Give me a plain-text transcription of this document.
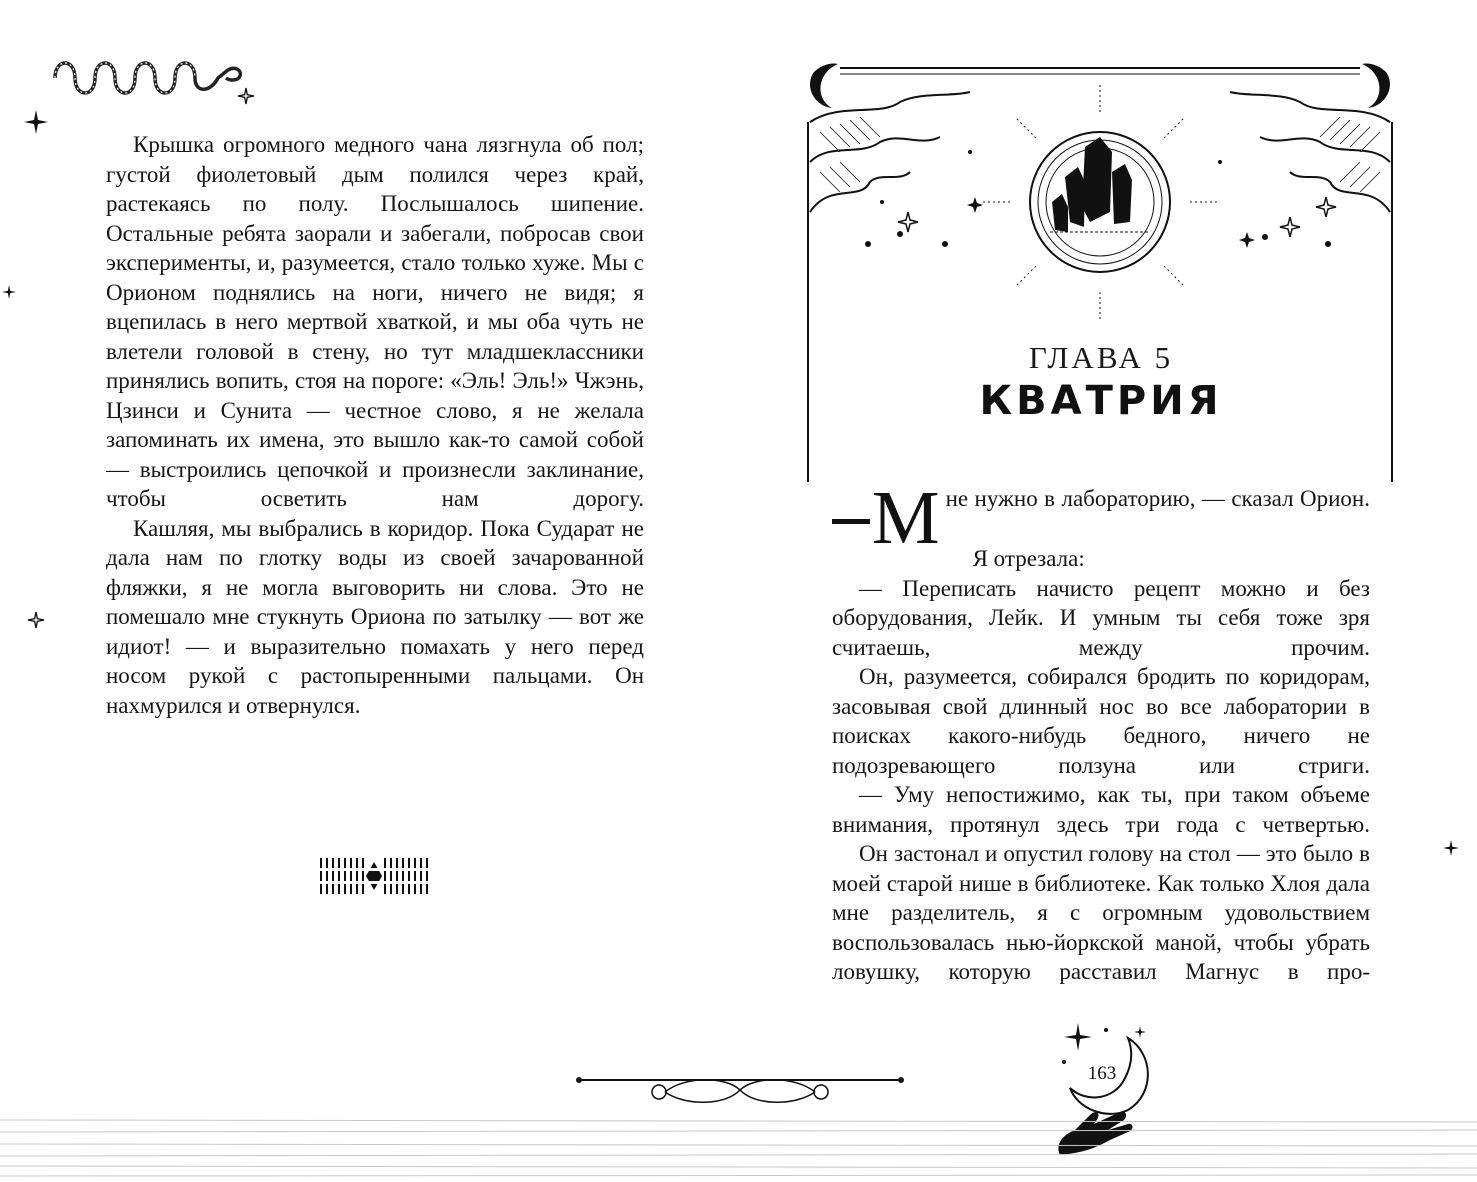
Крышка огромного медного чана лязгнула об пол; густой фиолетовый дым полился через край, растекаясь по полу. Послышалось шипение. Остальные ребята заорали и забегали, побросав свои эксперименты, и, разумеется, стало только хуже. Мы с Орионом поднялись на ноги, ничего не видя; я вцепилась в него мертвой хваткой, и мы оба чуть не влетели головой в стену, но тут младшеклассники принялись вопить, стоя на пороге: «Эль! Эль!» Чжэнь, Цзинси и Сунита — честное слово, я не желала запоминать их имена, это вышло как-то самой собой — выстроились цепочкой и произнесли заклинание, чтобы осветить нам дорогу.

Кашляя, мы выбрались в коридор. Пока Сударат не дала нам по глотку воды из своей зачарованной фляжки, я не могла выговорить ни слова. Это не помешало мне стукнуть Ориона по затылку — вот же идиот! — и выразительно помахать у него перед носом рукой с растопыренными пальцами. Он нахмурился и отвернулся.

ГЛАВА 5
КВАТРИЯ

Мне нужно в лабораторию, — сказал Орион.

Я отрезала:

— Переписать начисто рецепт можно и без оборудования, Лейк. И умным ты себя тоже зря считаешь, между прочим.

Он, разумеется, собирался бродить по коридорам, засовывая свой длинный нос во все лаборатории в поисках какого-нибудь бедного, ничего не подозревающего ползуна или стриги.

— Уму непостижимо, как ты, при таком объеме внимания, протянул здесь три года с четвертью.

Он застонал и опустил голову на стол — это было в моей старой нише в библиотеке. Как только Хлоя дала мне разделитель, я с огромным удовольствием воспользовалась нью-йоркской маной, чтобы убрать ловушку, которую расставил Магнус в про-

163
